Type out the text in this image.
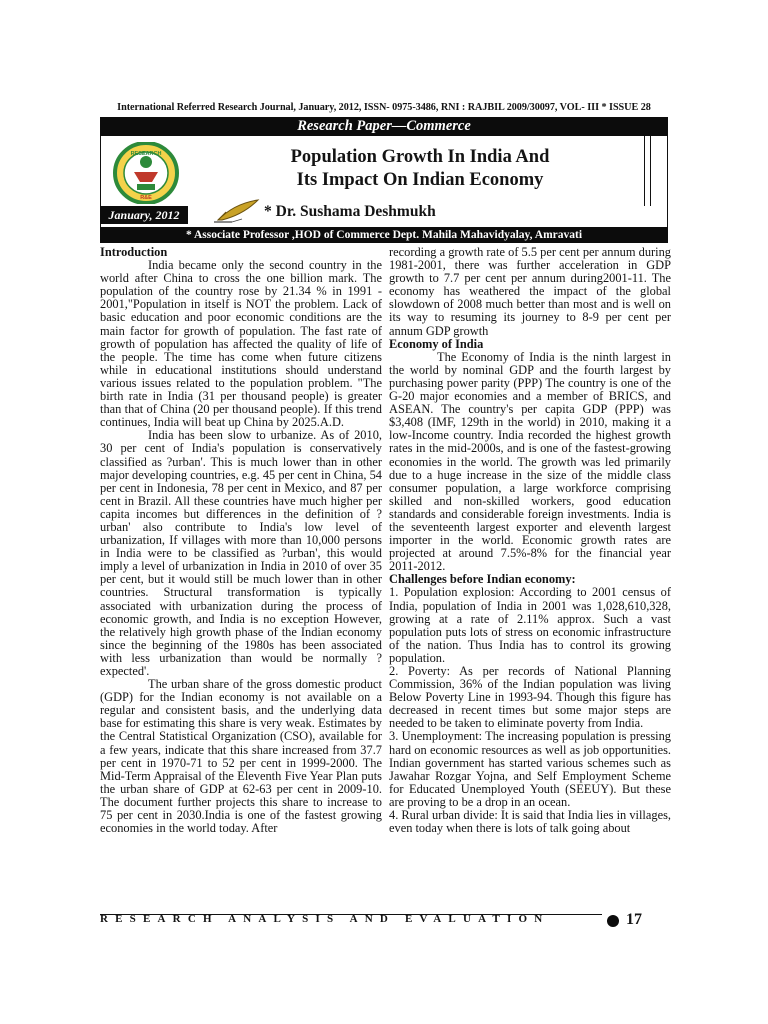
International Referred Research Journal, January, 2012, ISSN- 0975-3486, RNI : RAJBIL 2009/30097, VOL- III * ISSUE 28
Research Paper—Commerce
RESEARCH
R&E
Population Growth In India And
Its Impact On Indian Economy
January, 2012	* Dr. Sushama Deshmukh
* Associate Professor ,HOD of Commerce Dept. Mahila Mahavidyalay, Amravati
Introduction

India became only the second country in the world after China to cross the one billion mark. The population of the country rose by 21.34 % in 1991 - 2001,"Population in itself is NOT the problem. Lack of basic education and poor economic conditions are the main factor for growth of population. The fast rate of growth of population has affected the quality of life of the people. The time has come when future citizens while in educational institutions should understand various issues related to the population problem. "The birth rate in India (31 per thousand people) is greater than that of China (20 per thousand people). If this trend continues, India will beat up China by 2025.A.D.

India has been slow to urbanize. As of 2010, 30 per cent of India's population is conservatively classified as ?urban'. This is much lower than in other major developing countries, e.g. 45 per cent in China, 54 per cent in Indonesia, 78 per cent in Mexico, and 87 per cent in Brazil. All these countries have much higher per capita incomes but differences in the definition of ?urban' also contribute to India's low level of urbanization, If villages with more than 10,000 persons in India were to be classified as ?urban', this would imply a level of urbanization in India in 2010 of over 35 per cent, but it would still be much lower than in other countries. Structural transformation is typically associated with urbanization during the process of economic growth, and India is no exception However, the relatively high growth phase of the Indian economy since the beginning of the 1980s has been associated with less urbanization than would be normally ?expected'.

The urban share of the gross domestic product (GDP) for the Indian economy is not available on a regular and consistent basis, and the underlying data base for estimating this share is very weak. Estimates by the Central Statistical Organization (CSO), available for a few years, indicate that this share increased from 37.7 per cent in 1970-71 to 52 per cent in 1999-2000. The Mid-Term Appraisal of the Eleventh Five Year Plan puts the urban share of GDP at 62-63 per cent in 2009-10. The document further projects this share to increase to 75 per cent in 2030.India is one of the fastest growing economies in the world today. After

recording a growth rate of 5.5 per cent per annum during 1981-2001, there was further acceleration in GDP growth to 7.7 per cent per annum during2001-11. The economy has weathered the impact of the global slowdown of 2008 much better than most and is well on its way to resuming its journey to 8-9 per cent per annum GDP growth

Economy of India

The Economy of India is the ninth largest in the world by nominal GDP and the fourth largest by purchasing power parity (PPP) The country is one of the G-20 major economies and a member of BRICS, and ASEAN. The country's per capita GDP (PPP) was $3,408 (IMF, 129th in the world) in 2010, making it a low-Income country. India recorded the highest growth rates in the mid-2000s, and is one of the fastest-growing economies in the world. The growth was led primarily due to a huge increase in the size of the middle class consumer population, a large workforce comprising skilled and non-skilled workers, good education standards and considerable foreign investments. India is the seventeenth largest exporter and eleventh largest importer in the world. Economic growth rates are projected at around 7.5%-8% for the financial year 2011-2012.

Challenges before Indian economy:

1. Population explosion: According to 2001 census of India, population of India in 2001 was 1,028,610,328, growing at a rate of 2.11% approx. Such a vast population puts lots of stress on economic infrastructure of the nation. Thus India has to control its growing population.

2. Poverty: As per records of National Planning Commission, 36% of the Indian population was living Below Poverty Line in 1993-94. Though this figure has decreased in recent times but some major steps are needed to be taken to eliminate poverty from India.

3. Unemployment: The increasing population is pressing hard on economic resources as well as job opportunities. Indian government has started various schemes such as Jawahar Rozgar Yojna, and Self Employment Scheme for Educated Unemployed Youth (SEEUY). But these are proving to be a drop in an ocean.

4. Rural urban divide: It is said that India lies in villages, even today when there is lots of talk going about

RESEARCH ANALYSIS AND EVALUATION	17
